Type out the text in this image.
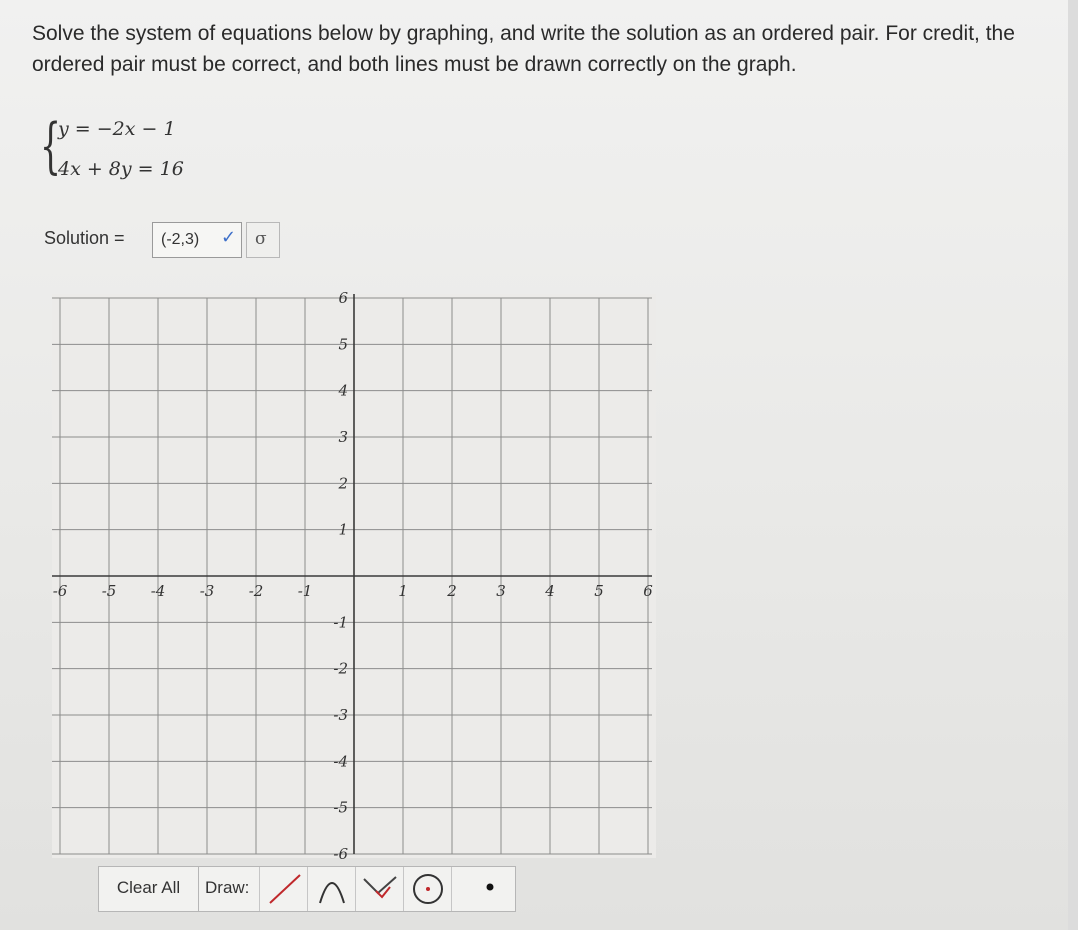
Solve the system of equations below by graphing, and write the solution as an ordered pair. For credit, the ordered pair must be correct, and both lines must be drawn correctly on the graph.
{
y = −2x − 1
4x + 8y = 16
Solution = (-2,3) ✓ σ
-6 -5 -4 -3 -2 -1	1	2	3	4	5	6
6
5
4
3
2
1
-1
-2
-3
-4
-5
-6
Clear All	Draw:
